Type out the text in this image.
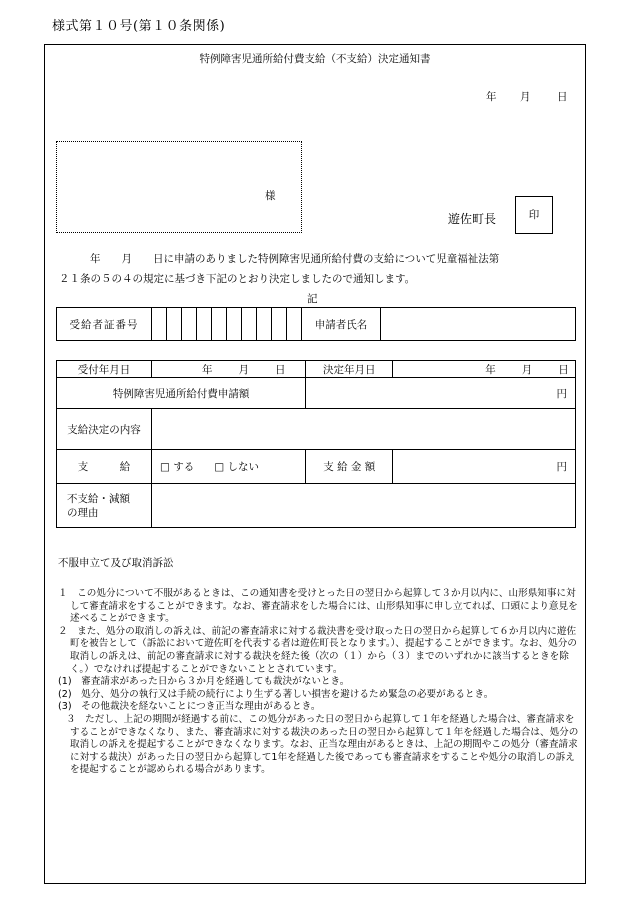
様式第１０号(第１０条関係)
特例障害児通所給付費支給（不支給）決定通知書
年 月	日
様
遊佐町長	印
年　　月　　日に申請のありました特例障害児通所給付費の支給について児童福祉法第
２１条の５の４の規定に基づき下記のとおり決定しましたので通知します。
記
受給者証番号											申請者氏名	
受付年月日	年 月 日	決定年月日	年 月 日
特例障害児通所給付費申請額		円	
支給決定の内容			
支　　　給	□ する □ しない	支 給 金 額	円

不支給・減額
の理由			

不服申立て及び取消訴訟
１　この処分について不服があるときは、この通知書を受けとった日の翌日から起算して３か月以内に、山形県知事に対して審査請求をすることができます。なお、審査請求をした場合には、山形県知事に申し立てれば、口頭により意見を述べることができます。
２　また、処分の取消しの訴えは、前記の審査請求に対する裁決書を受け取った日の翌日から起算して６か月以内に遊佐町を被告として（訴訟において遊佐町を代表する者は遊佐町長となります。）、提起することができます。なお、処分の取消しの訴えは、前記の審査請求に対する裁決を経た後（次の（１）から（３）までのいずれかに該当するときを除く。）でなければ提起することができないこととされています。
(1)　審査請求があった日から３か月を経過しても裁決がないとき。
(2)　処分、処分の執行又は手続の続行により生ずる著しい損害を避けるため緊急の必要があるとき。
(3)　その他裁決を経ないことにつき正当な理由があるとき。
３　ただし、上記の期間が経過する前に、この処分があった日の翌日から起算して１年を経過した場合は、審査請求をすることができなくなり、また、審査請求に対する裁決のあった日の翌日から起算して１年を経過した場合は、処分の取消しの訴えを提起することができなくなります。なお、正当な理由があるときは、上記の期間やこの処分（審査請求に対する裁決）があった日の翌日から起算して1年を経過した後であっても審査請求をすることや処分の取消しの訴えを提起することが認められる場合があります。
